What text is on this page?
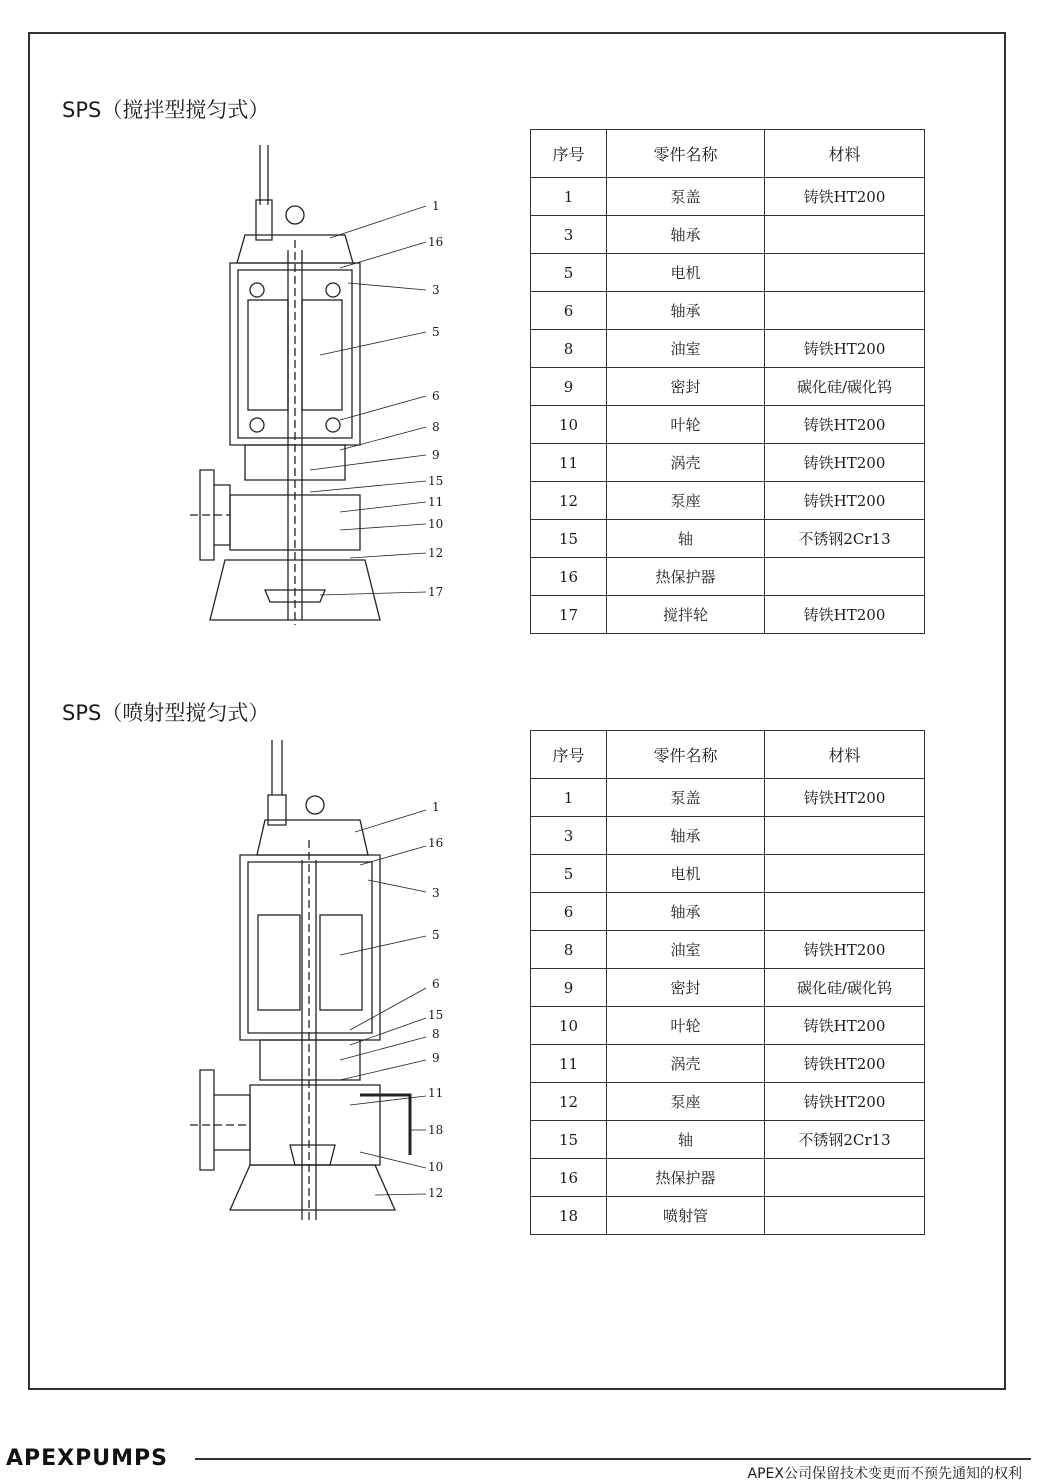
SPS（搅拌型搅匀式）
1
16
3
5
6
8
9
15
11
10
12
17
序号	零件名称	材料
1	泵盖	铸铁HT200
3	轴承	
5	电机	
6	轴承	
8	油室	铸铁HT200
9	密封	碳化硅/碳化钨
10	叶轮	铸铁HT200
11	涡壳	铸铁HT200
12	泵座	铸铁HT200
15	轴	不锈钢2Cr13
16	热保护器	
17	搅拌轮	铸铁HT200
SPS（喷射型搅匀式）
1
16
3
5
6
15
8
9
11
18
10
12
序号	零件名称	材料
1	泵盖	铸铁HT200
3	轴承	
5	电机	
6	轴承	
8	油室	铸铁HT200
9	密封	碳化硅/碳化钨
10	叶轮	铸铁HT200
11	涡壳	铸铁HT200
12	泵座	铸铁HT200
15	轴	不锈钢2Cr13
16	热保护器	
18	喷射管	
APEXPUMPS
APEX公司保留技术变更而不预先通知的权利
